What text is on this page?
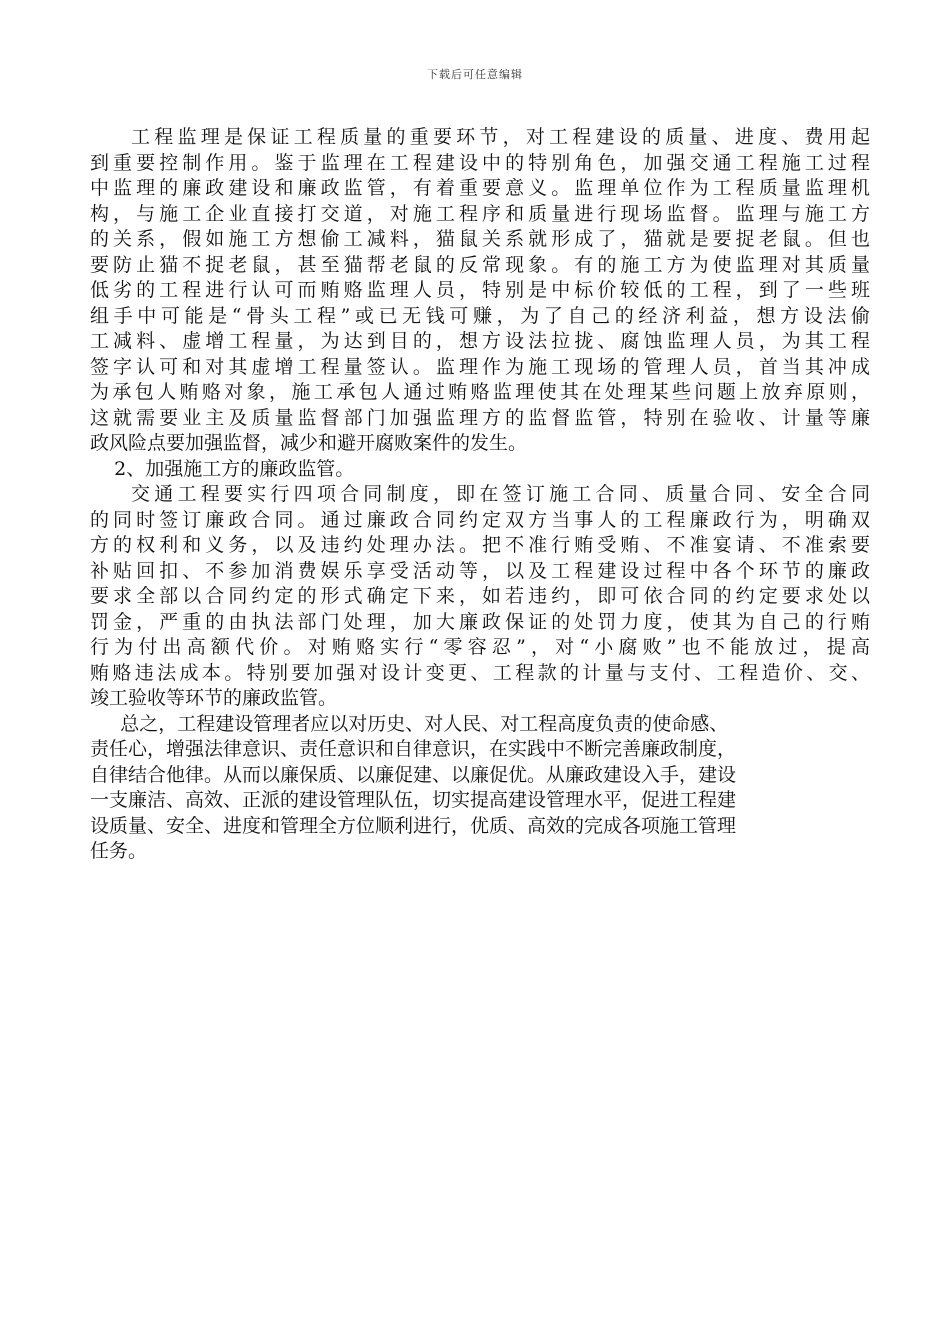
下载后可任意编辑
工程监理是保证工程质量的重要环节，对工程建设的质量、进度、费用起
到重要控制作用。鉴于监理在工程建设中的特别角色，加强交通工程施工过程
中监理的廉政建设和廉政监管，有着重要意义。监理单位作为工程质量监理机
构，与施工企业直接打交道，对施工程序和质量进行现场监督。监理与施工方
的关系，假如施工方想偷工减料，猫鼠关系就形成了，猫就是要捉老鼠。但也
要防止猫不捉老鼠，甚至猫帮老鼠的反常现象。有的施工方为使监理对其质量
低劣的工程进行认可而贿赂监理人员，特别是中标价较低的工程，到了一些班
组手中可能是“骨头工程”或已无钱可赚，为了自己的经济利益，想方设法偷
工减料、虚增工程量，为达到目的，想方设法拉拢、腐蚀监理人员，为其工程
签字认可和对其虚增工程量签认。监理作为施工现场的管理人员，首当其冲成
为承包人贿赂对象，施工承包人通过贿赂监理使其在处理某些问题上放弃原则，
这就需要业主及质量监督部门加强监理方的监督监管，特别在验收、计量等廉
政风险点要加强监督，减少和避开腐败案件的发生。
2、加强施工方的廉政监管。
交通工程要实行四项合同制度，即在签订施工合同、质量合同、安全合同
的同时签订廉政合同。通过廉政合同约定双方当事人的工程廉政行为，明确双
方的权利和义务，以及违约处理办法。把不准行贿受贿、不准宴请、不准索要
补贴回扣、不参加消费娱乐享受活动等，以及工程建设过程中各个环节的廉政
要求全部以合同约定的形式确定下来，如若违约，即可依合同的约定要求处以
罚金，严重的由执法部门处理，加大廉政保证的处罚力度，使其为自己的行贿
行为付出高额代价。对贿赂实行“零容忍”，对“小腐败”也不能放过，提高
贿赂违法成本。特别要加强对设计变更、工程款的计量与支付、工程造价、交、
竣工验收等环节的廉政监管。
总之，工程建设管理者应以对历史、对人民、对工程高度负责的使命感、
责任心，增强法律意识、责任意识和自律意识，在实践中不断完善廉政制度，
自律结合他律。从而以廉保质、以廉促建、以廉促优。从廉政建设入手，建设
一支廉洁、高效、正派的建设管理队伍，切实提高建设管理水平，促进工程建
设质量、安全、进度和管理全方位顺利进行，优质、高效的完成各项施工管理
任务。
